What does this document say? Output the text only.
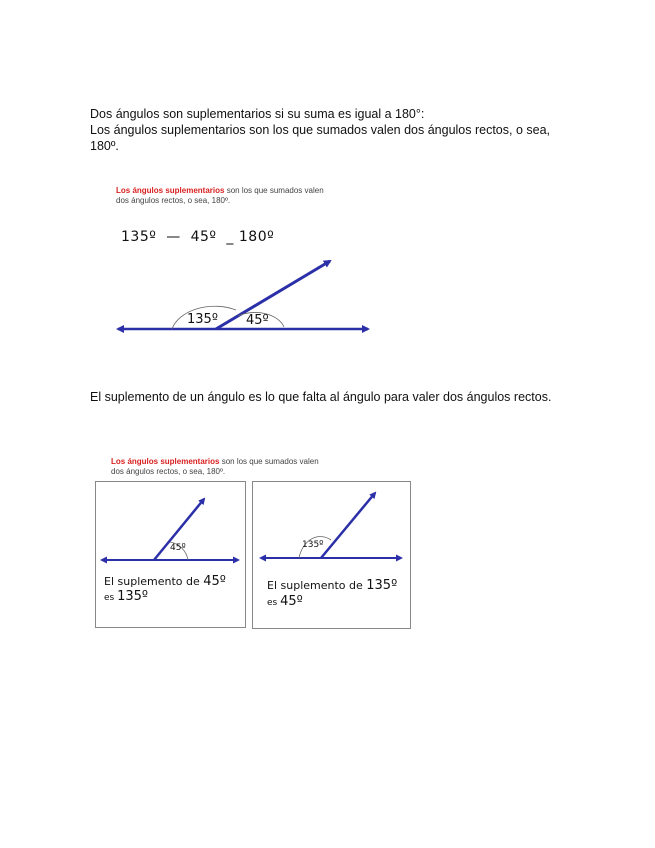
Dos ángulos son suplementarios si su suma es igual a 180°:
Los ángulos suplementarios son los que sumados valen dos ángulos rectos, o sea,
180º.
Los ángulos suplementarios son los que sumados valen
dos ángulos rectos, o sea, 180º.
135º  —  45º  _ 180º
135º 45º
El suplemento de un ángulo es lo que falta al ángulo para valer dos ángulos rectos.
Los ángulos suplementarios son los que sumados valen
dos ángulos rectos, o sea, 180º.
45º
El suplemento de 45º
es 135º
135º
El suplemento de 135º
es 45º
